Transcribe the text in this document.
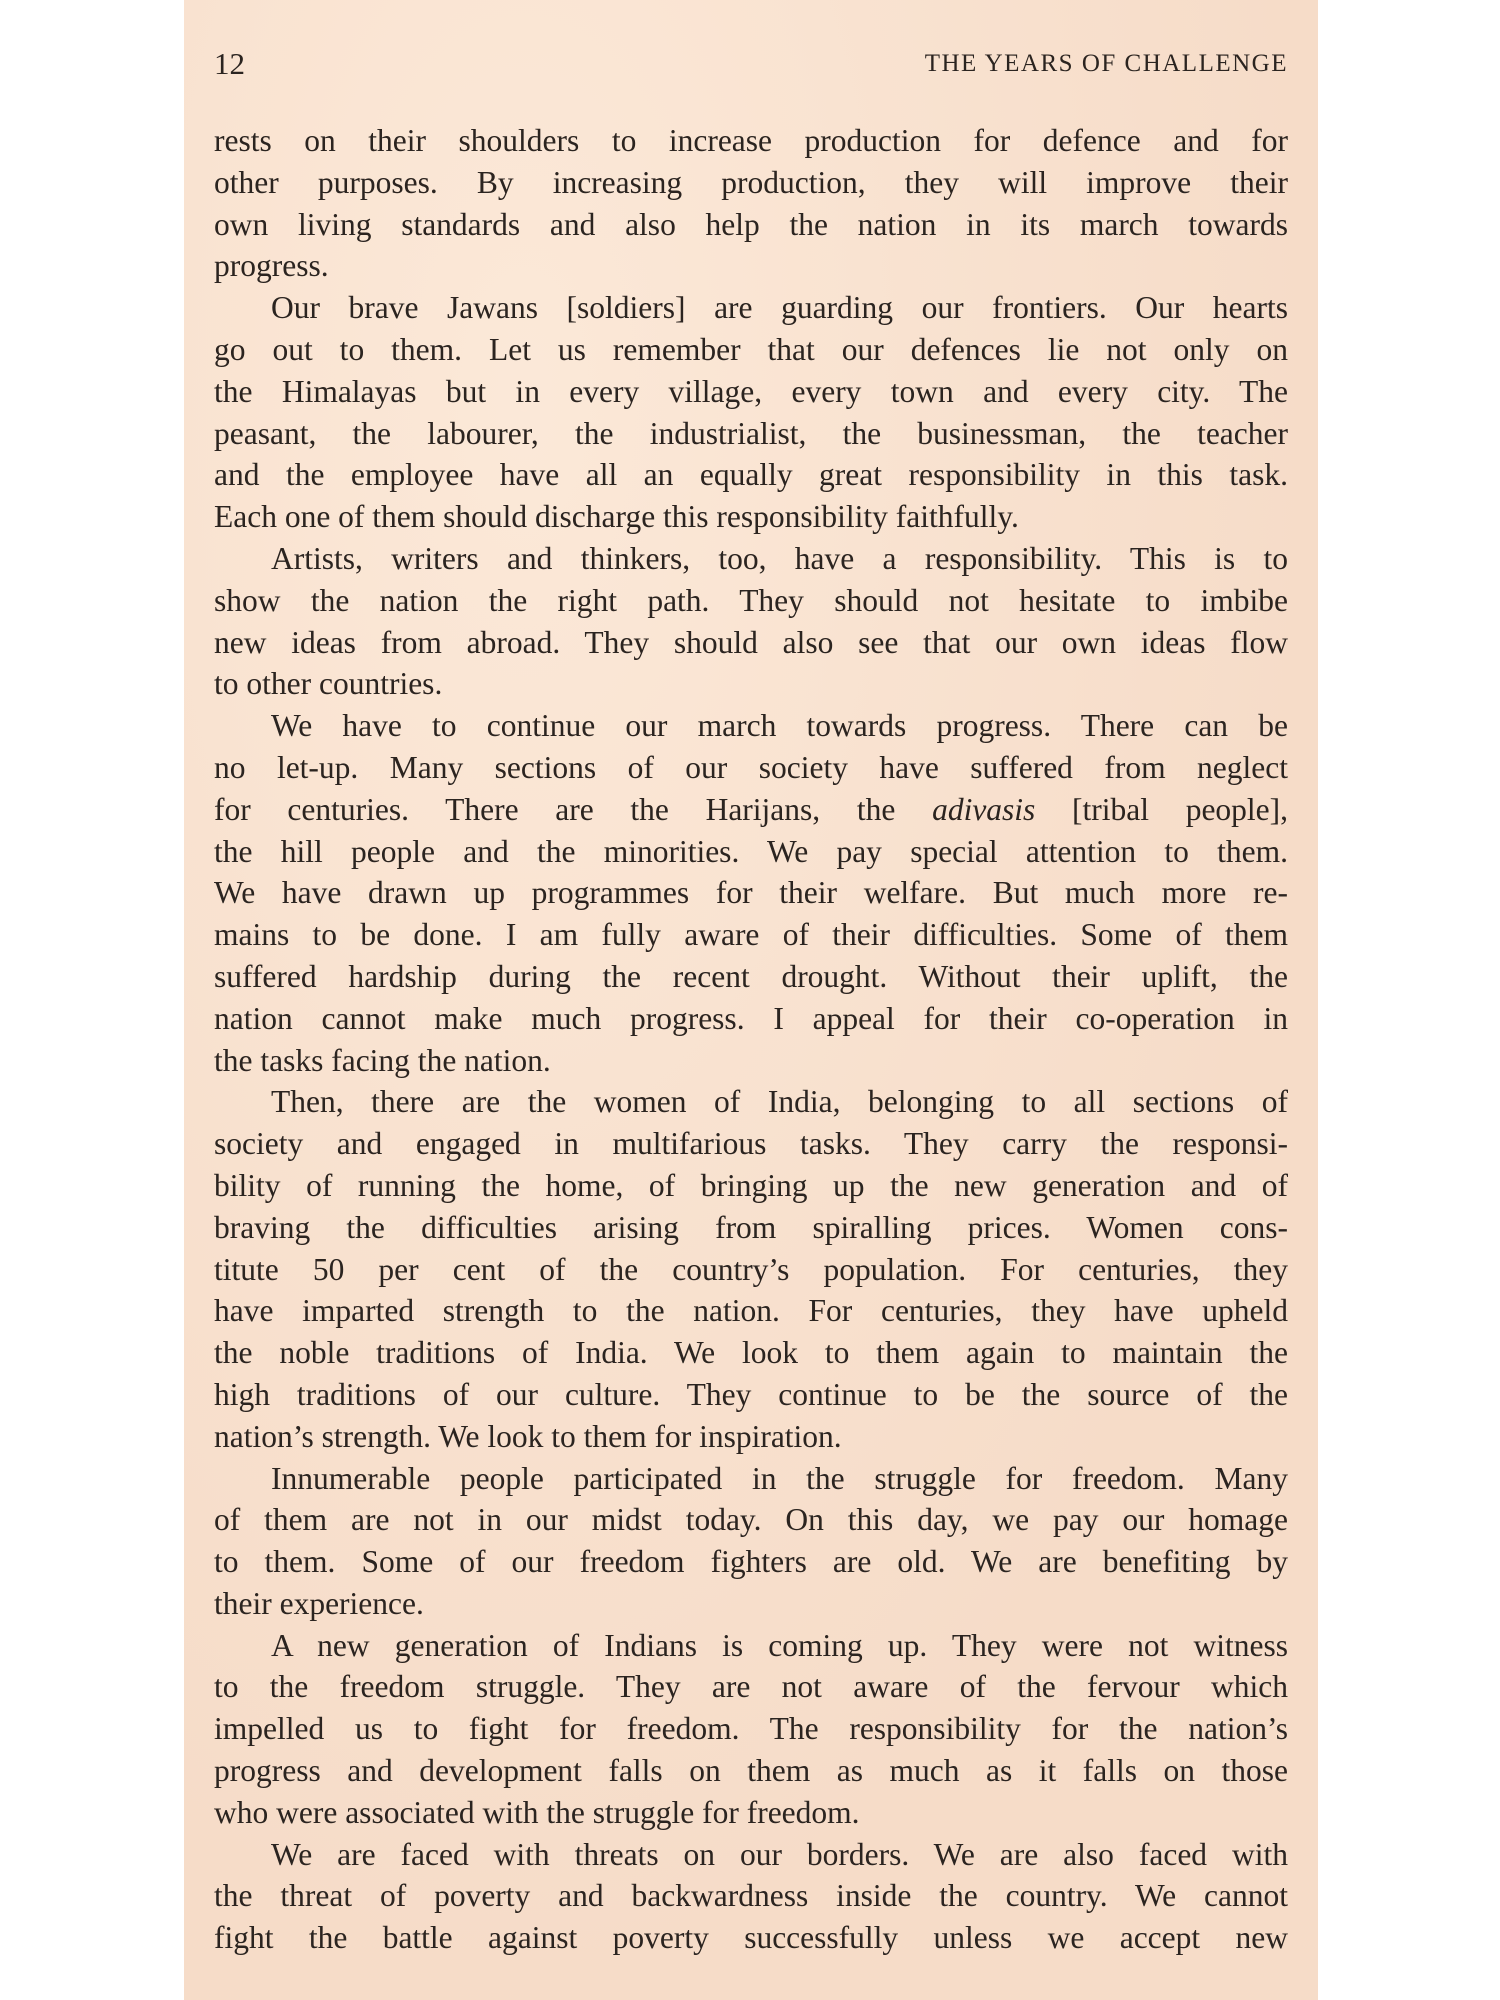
12	THE YEARS OF CHALLENGE

rests on their shoulders to increase production for defence and for
other purposes. By increasing production, they will improve their
own living standards and also help the nation in its march towards
progress.

Our brave Jawans [soldiers] are guarding our frontiers. Our hearts
go out to them. Let us remember that our defences lie not only on
the Himalayas but in every village, every town and every city. The
peasant, the labourer, the industrialist, the businessman, the teacher
and the employee have all an equally great responsibility in this task.
Each one of them should discharge this responsibility faithfully.

Artists, writers and thinkers, too, have a responsibility. This is to
show the nation the right path. They should not hesitate to imbibe
new ideas from abroad. They should also see that our own ideas flow
to other countries.

We have to continue our march towards progress. There can be
no let-up. Many sections of our society have suffered from neglect
for centuries. There are the Harijans, the adivasis [tribal people],
the hill people and the minorities. We pay special attention to them.
We have drawn up programmes for their welfare. But much more re-
mains to be done. I am fully aware of their difficulties. Some of them
suffered hardship during the recent drought. Without their uplift, the
nation cannot make much progress. I appeal for their co-operation in
the tasks facing the nation.

Then, there are the women of India, belonging to all sections of
society and engaged in multifarious tasks. They carry the responsi-
bility of running the home, of bringing up the new generation and of
braving the difficulties arising from spiralling prices. Women cons-
titute 50 per cent of the country’s population. For centuries, they
have imparted strength to the nation. For centuries, they have upheld
the noble traditions of India. We look to them again to maintain the
high traditions of our culture. They continue to be the source of the
nation’s strength. We look to them for inspiration.

Innumerable people participated in the struggle for freedom. Many
of them are not in our midst today. On this day, we pay our homage
to them. Some of our freedom fighters are old. We are benefiting by
their experience.

A new generation of Indians is coming up. They were not witness
to the freedom struggle. They are not aware of the fervour which
impelled us to fight for freedom. The responsibility for the nation’s
progress and development falls on them as much as it falls on those
who were associated with the struggle for freedom.

We are faced with threats on our borders. We are also faced with
the threat of poverty and backwardness inside the country. We cannot
fight the battle against poverty successfully unless we accept new
